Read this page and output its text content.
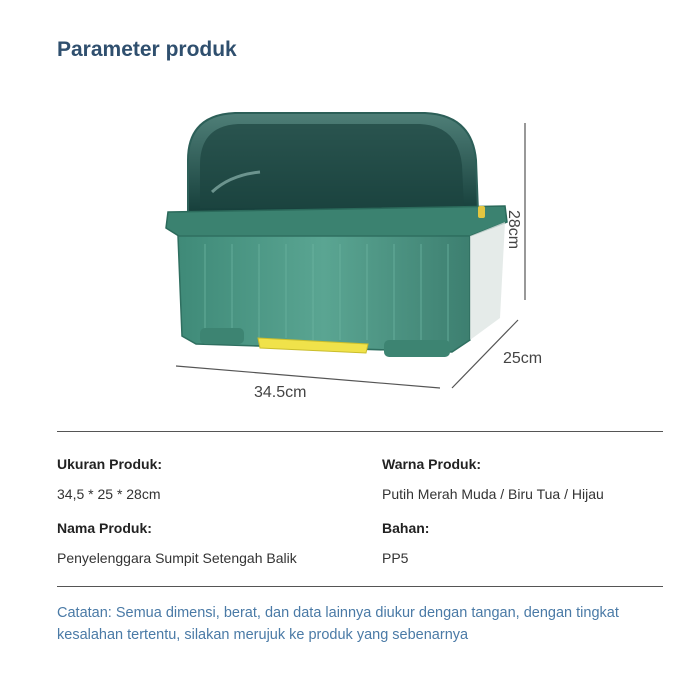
Parameter produk
34.5cm
25cm
28cm
Ukuran Produk:
34,5 * 25 * 28cm
Warna Produk:
Putih Merah Muda / Biru Tua / Hijau
Nama Produk:
Penyelenggara Sumpit Setengah Balik
Bahan:
PP5
Catatan: Semua dimensi, berat, dan data lainnya diukur dengan tangan, dengan tingkat kesalahan tertentu, silakan merujuk ke produk yang sebenarnya
